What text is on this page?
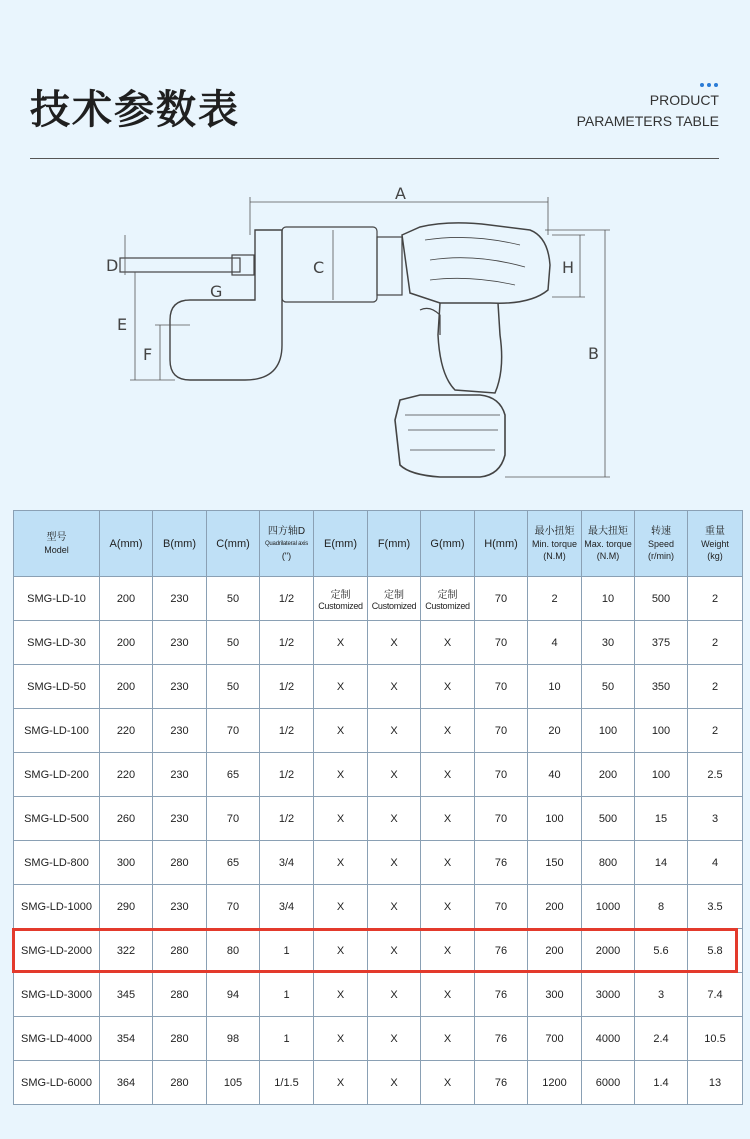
技术参数表	PRODUCT
PARAMETERS TABLE
A
B
C
D
E
F
G
H
型号
Model	A(mm)	B(mm)	C(mm)	四方轴D
Quadrilateral axis
(")	E(mm)	F(mm)	G(mm)	H(mm)	最小扭矩
Min. torque
(N.M)	最大扭矩
Max. torque
(N.M)	转速
Speed
(r/min)	重量
Weight
(kg)

SMG-LD-10	200	230	50	1/2	定制
Customized	定制
Customized	定制
Customized	70	2	10	500	2
SMG-LD-30	200	230	50	1/2	X	X	X	70	4	30	375	2
SMG-LD-50	200	230	50	1/2	X	X	X	70	10	50	350	2
SMG-LD-100	220	230	70	1/2	X	X	X	70	20	100	100	2
SMG-LD-200	220	230	65	1/2	X	X	X	70	40	200	100	2.5
SMG-LD-500	260	230	70	1/2	X	X	X	70	100	500	15	3
SMG-LD-800	300	280	65	3/4	X	X	X	76	150	800	14	4
SMG-LD-1000	290	230	70	3/4	X	X	X	70	200	1000	8	3.5
SMG-LD-2000	322	280	80	1	X	X	X	76	200	2000	5.6	5.8
SMG-LD-3000	345	280	94	1	X	X	X	76	300	3000	3	7.4
SMG-LD-4000	354	280	98	1	X	X	X	76	700	4000	2.4	10.5
SMG-LD-6000	364	280	105	1/1.5	X	X	X	76	1200	6000	1.4	13
